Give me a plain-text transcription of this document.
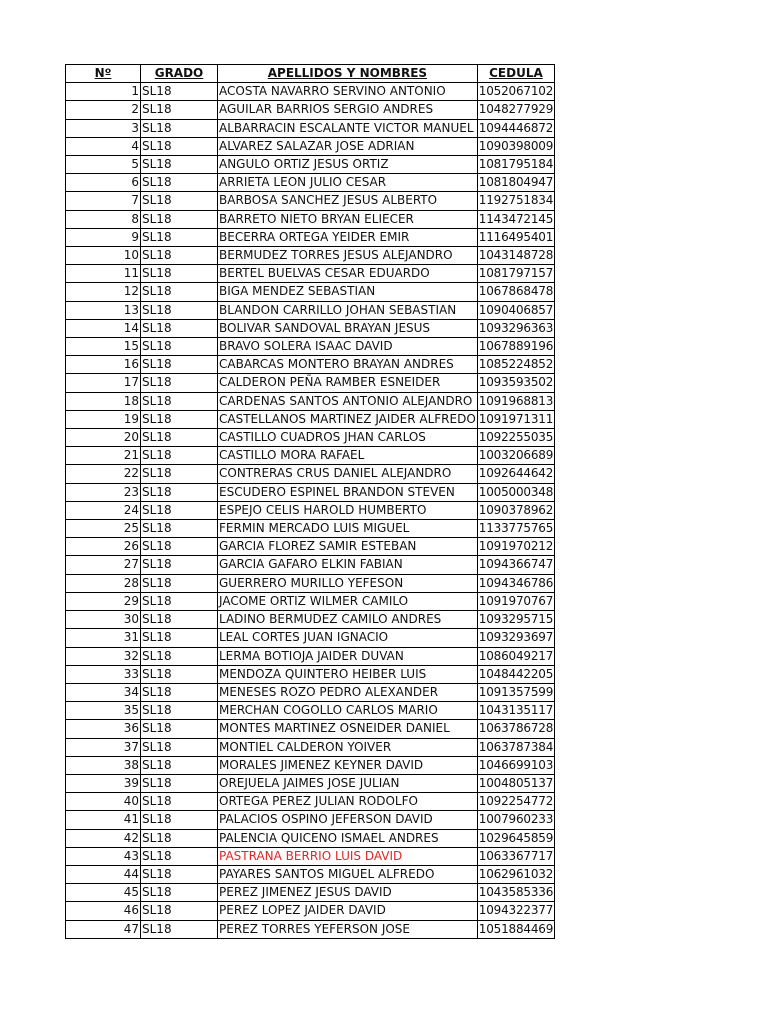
Nº	GRADO	APELLIDOS Y NOMBRES	CEDULA
1	SL18	ACOSTA NAVARRO SERVINO ANTONIO	1052067102
2	SL18	AGUILAR BARRIOS SERGIO ANDRES	1048277929
3	SL18	ALBARRACIN ESCALANTE VICTOR MANUEL	1094446872
4	SL18	ALVAREZ SALAZAR JOSE ADRIAN	1090398009
5	SL18	ANGULO ORTIZ JESUS ORTIZ	1081795184
6	SL18	ARRIETA LEON JULIO CESAR	1081804947
7	SL18	BARBOSA SANCHEZ JESUS ALBERTO	1192751834
8	SL18	BARRETO NIETO BRYAN ELIECER	1143472145
9	SL18	BECERRA ORTEGA YEIDER EMIR	1116495401
10	SL18	BERMUDEZ TORRES JESUS ALEJANDRO	1043148728
11	SL18	BERTEL BUELVAS CESAR EDUARDO	1081797157
12	SL18	BIGA MENDEZ SEBASTIAN	1067868478
13	SL18	BLANDON CARRILLO JOHAN SEBASTIAN	1090406857
14	SL18	BOLIVAR SANDOVAL BRAYAN JESUS	1093296363
15	SL18	BRAVO SOLERA ISAAC DAVID	1067889196
16	SL18	CABARCAS MONTERO BRAYAN ANDRES	1085224852
17	SL18	CALDERON PEÑA RAMBER ESNEIDER	1093593502
18	SL18	CARDENAS SANTOS ANTONIO ALEJANDRO	1091968813
19	SL18	CASTELLANOS MARTINEZ JAIDER ALFREDO	1091971311
20	SL18	CASTILLO CUADROS JHAN CARLOS	1092255035
21	SL18	CASTILLO MORA RAFAEL	1003206689
22	SL18	CONTRERAS CRUS DANIEL ALEJANDRO	1092644642
23	SL18	ESCUDERO ESPINEL BRANDON STEVEN	1005000348
24	SL18	ESPEJO CELIS HAROLD HUMBERTO	1090378962
25	SL18	FERMIN MERCADO LUIS MIGUEL	1133775765
26	SL18	GARCIA FLOREZ SAMIR ESTEBAN	1091970212
27	SL18	GARCIA GAFARO ELKIN FABIAN	1094366747
28	SL18	GUERRERO MURILLO YEFESON	1094346786
29	SL18	JACOME ORTIZ WILMER CAMILO	1091970767
30	SL18	LADINO BERMUDEZ CAMILO ANDRES	1093295715
31	SL18	LEAL CORTES JUAN IGNACIO	1093293697
32	SL18	LERMA BOTIOJA JAIDER DUVAN	1086049217
33	SL18	MENDOZA QUINTERO HEIBER LUIS	1048442205
34	SL18	MENESES ROZO PEDRO ALEXANDER	1091357599
35	SL18	MERCHAN COGOLLO CARLOS MARIO	1043135117
36	SL18	MONTES MARTINEZ OSNEIDER DANIEL	1063786728
37	SL18	MONTIEL CALDERON YOIVER	1063787384
38	SL18	MORALES JIMENEZ KEYNER DAVID	1046699103
39	SL18	OREJUELA JAIMES JOSE JULIAN	1004805137
40	SL18	ORTEGA PEREZ JULIAN RODOLFO	1092254772
41	SL18	PALACIOS OSPINO JEFERSON DAVID	1007960233
42	SL18	PALENCIA QUICENO ISMAEL ANDRES	1029645859
43	SL18	PASTRANA BERRIO LUIS DAVID	1063367717
44	SL18	PAYARES SANTOS MIGUEL ALFREDO	1062961032
45	SL18	PEREZ JIMENEZ JESUS DAVID	1043585336
46	SL18	PEREZ LOPEZ JAIDER DAVID	1094322377
47	SL18	PEREZ TORRES YEFERSON JOSE	1051884469
